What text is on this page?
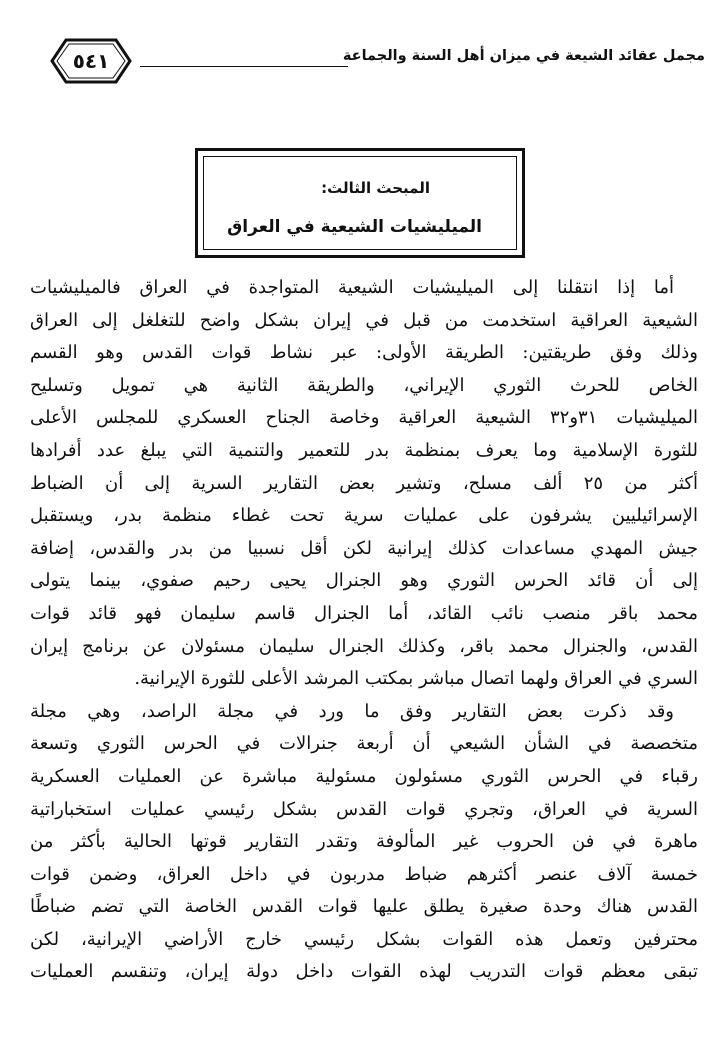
٥٤١	مجمل عقائد الشيعة في ميزان أهل السنة والجماعة
المبحث الثالث:
الميليشيات الشيعية في العراق
أما إذا انتقلنا إلى الميليشيات الشيعية المتواجدة في العراق فالميليشيات
الشيعية العراقية استخدمت من قبل في إيران بشكل واضح للتغلغل إلى العراق
وذلك وفق طريقتين: الطريقة الأولى: عبر نشاط قوات القدس وهو القسم
الخاص للحرث الثوري الإيراني، والطريقة الثانية هي تمويل وتسليح
الميليشيات ٣١و٣٢ الشيعية العراقية وخاصة الجناح العسكري للمجلس الأعلى
للثورة الإسلامية وما يعرف بمنظمة بدر للتعمير والتنمية التي يبلغ عدد أفرادها
أكثر من ٢٥ ألف مسلح، وتشير بعض التقارير السرية إلى أن الضباط
الإسرائيليين يشرفون على عمليات سرية تحت غطاء منظمة بدر، ويستقبل
جيش المهدي مساعدات كذلك إيرانية لكن أقل نسبيا من بدر والقدس، إضافة
إلى أن قائد الحرس الثوري وهو الجنرال يحيى رحيم صفوي، بينما يتولى
محمد باقر منصب نائب القائد، أما الجنرال قاسم سليمان فهو قائد قوات
القدس، والجنرال محمد باقر، وكذلك الجنرال سليمان مسئولان عن برنامج إيران
السري في العراق ولهما اتصال مباشر بمكتب المرشد الأعلى للثورة الإيرانية.
وقد ذكرت بعض التقارير وفق ما ورد في مجلة الراصد، وهي مجلة
متخصصة في الشأن الشيعي أن أربعة جنرالات في الحرس الثوري وتسعة
رقباء في الحرس الثوري مسئولون مسئولية مباشرة عن العمليات العسكرية
السرية في العراق، وتجري قوات القدس بشكل رئيسي عمليات استخباراتية
ماهرة في فن الحروب غير المألوفة وتقدر التقارير قوتها الحالية بأكثر من
خمسة آلاف عنصر أكثرهم ضباط مدربون في داخل العراق، وضمن قوات
القدس هناك وحدة صغيرة يطلق عليها قوات القدس الخاصة التي تضم ضباطًا
محترفين وتعمل هذه القوات بشكل رئيسي خارج الأراضي الإيرانية، لكن
تبقى معظم قوات التدريب لهذه القوات داخل دولة إيران، وتنقسم العمليات
